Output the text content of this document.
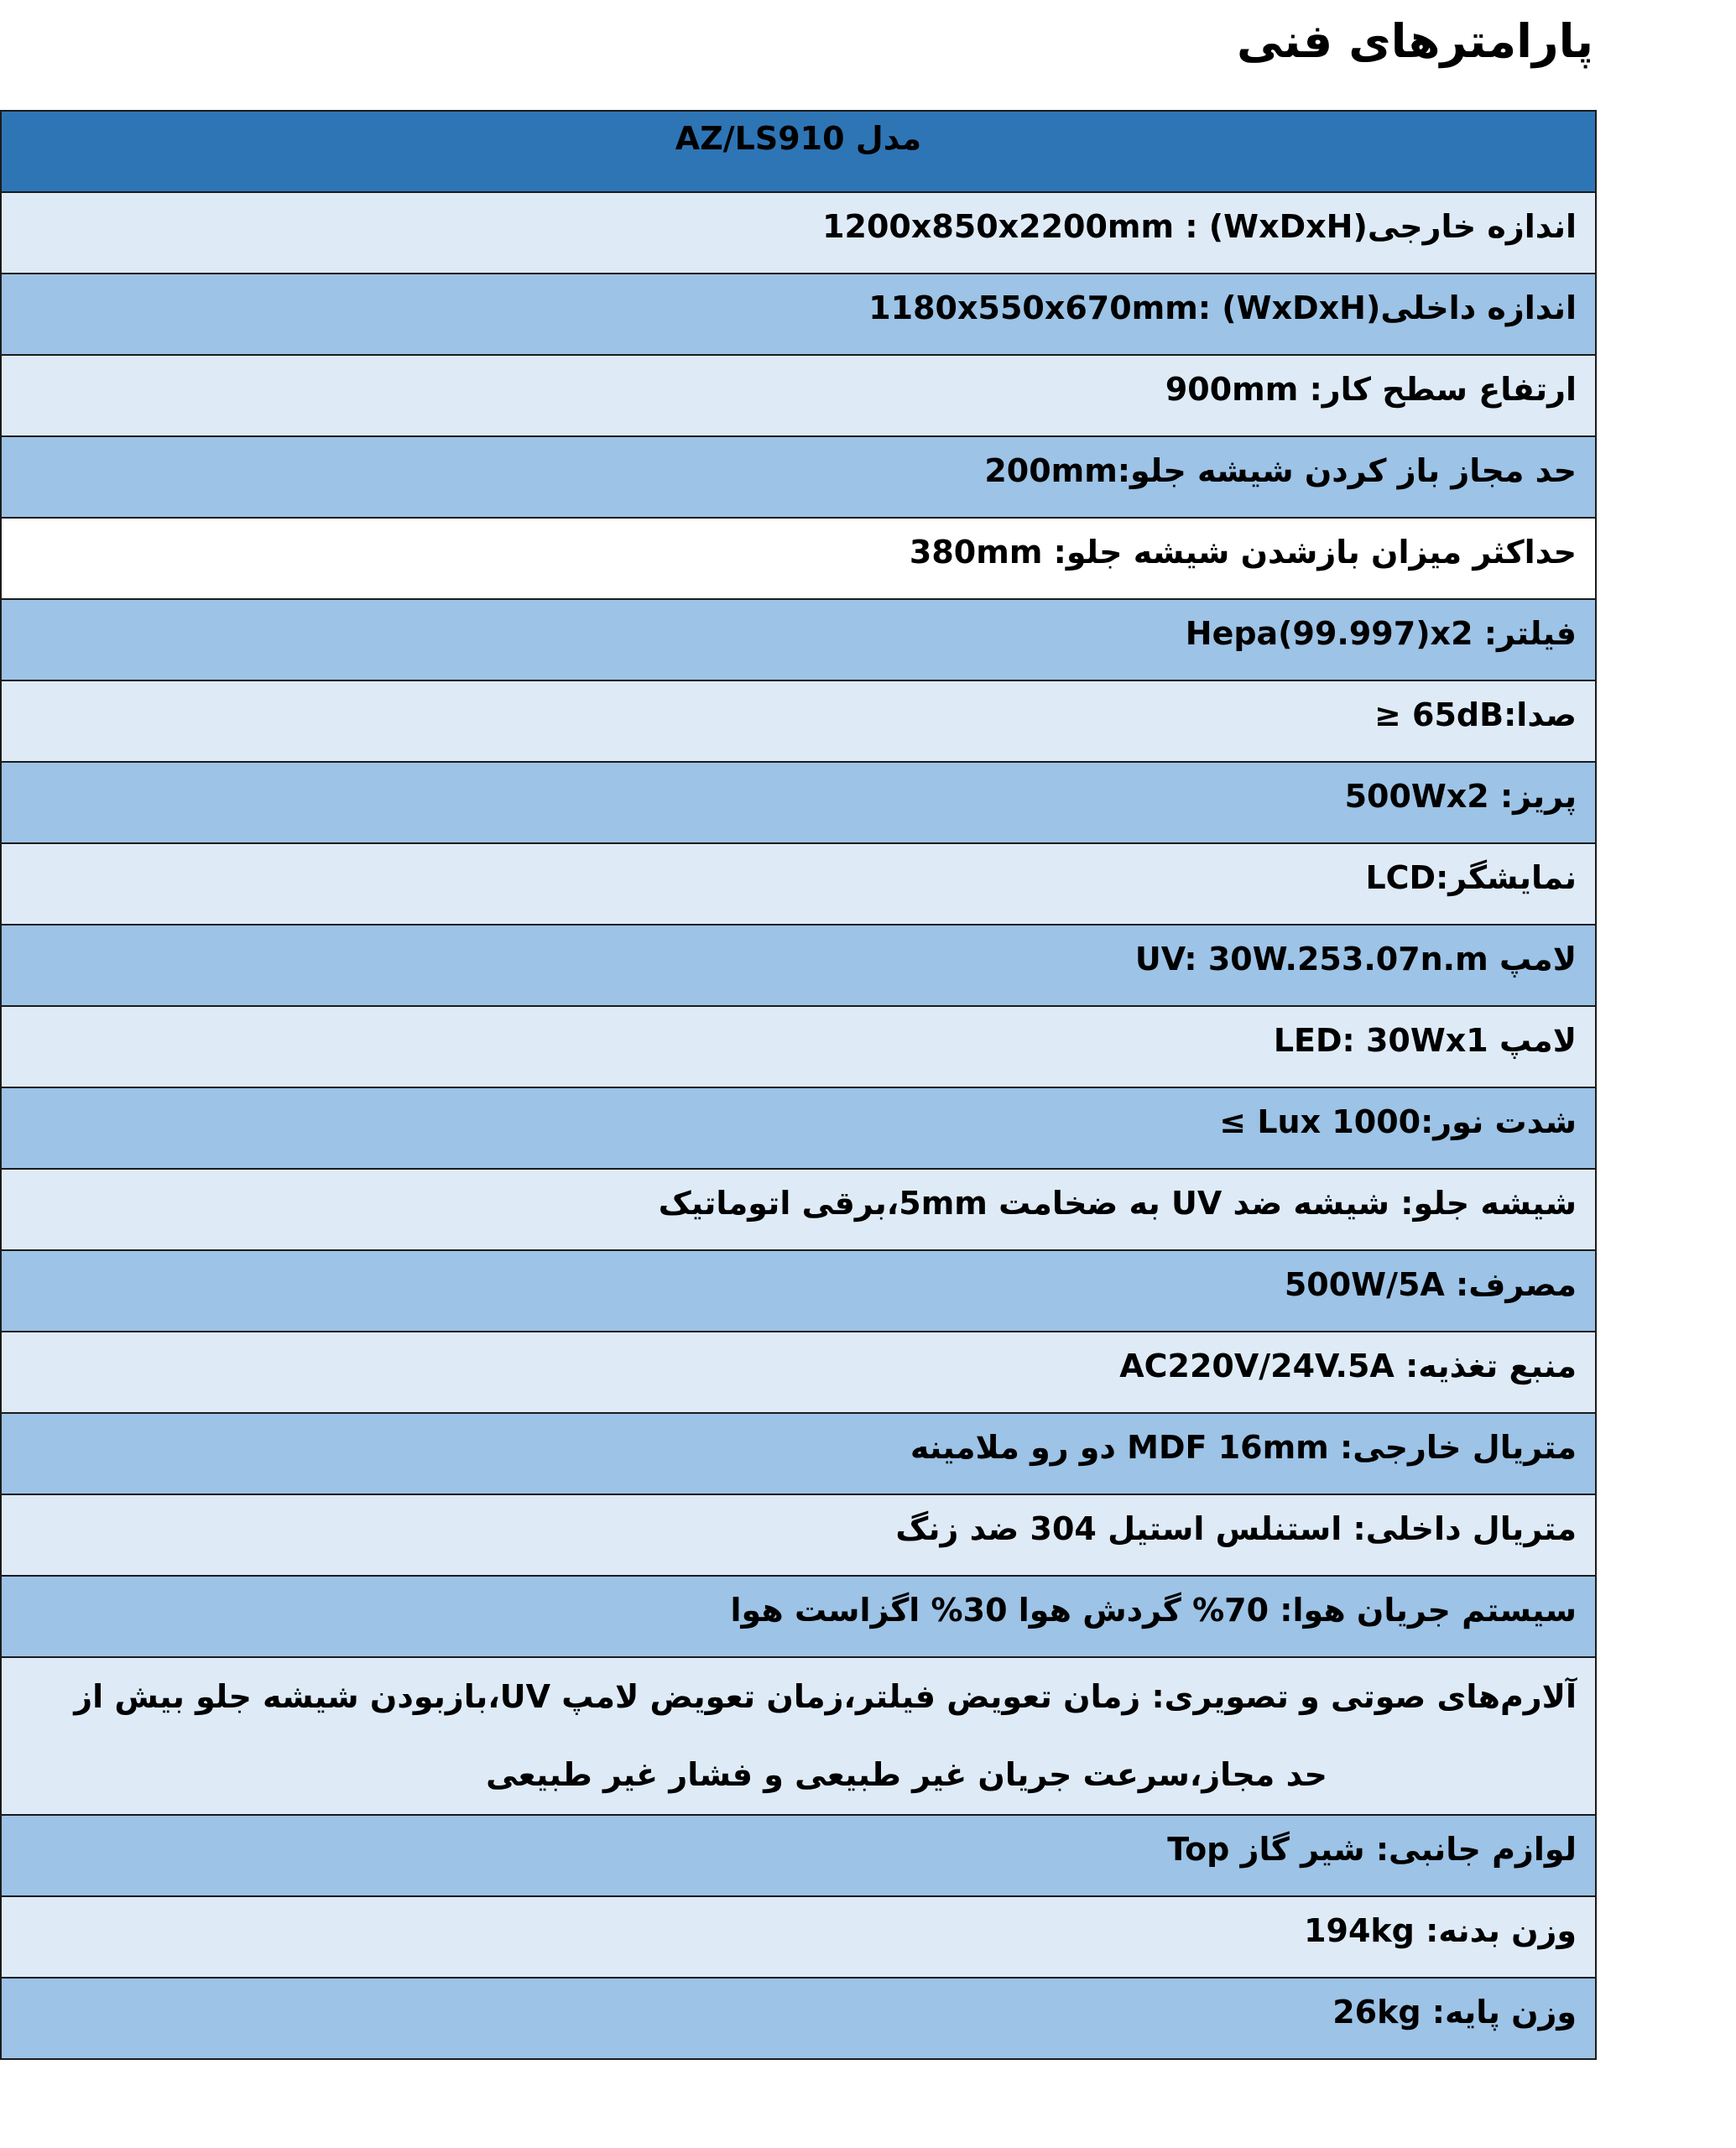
پارامترهای فنی
مدل AZ/LS910
اندازه خارجی(WxDxH) : 1200x850x2200mm
اندازه داخلی(WxDxH) :1180x550x670mm
ارتفاع سطح کار: 900mm
حد مجاز باز کردن شیشه جلو:200mm
حداکثر میزان بازشدن شیشه جلو: 380mm
فیلتر: Hepa(99.997)x2
صدا:65dB ≤
پریز: 500Wx2
نمایشگر:LCD
لامپ UV: 30W.253.07n.m
لامپ LED: 30Wx1
شدت نور:1000 Lux ≥
شیشه جلو: شیشه ضد UV به ضخامت 5mm،برقی اتوماتیک
مصرف: 500W/5A
منبع تغذیه: AC220V/24V.5A
متریال خارجی: MDF 16mm دو رو ملامینه
متریال داخلی: استنلس استیل 304 ضد زنگ
سیستم جریان هوا: 70% گردش هوا 30% اگزاست هوا
آلارم‌های صوتی و تصویری: زمان تعویض فیلتر،زمان تعویض لامپ UV،بازبودن شیشه جلو بیش از
حد مجاز،سرعت جریان غیر طبیعی و فشار غیر طبیعی
لوازم جانبی: شیر گاز Top
وزن بدنه: 194kg
وزن پایه: 26kg
